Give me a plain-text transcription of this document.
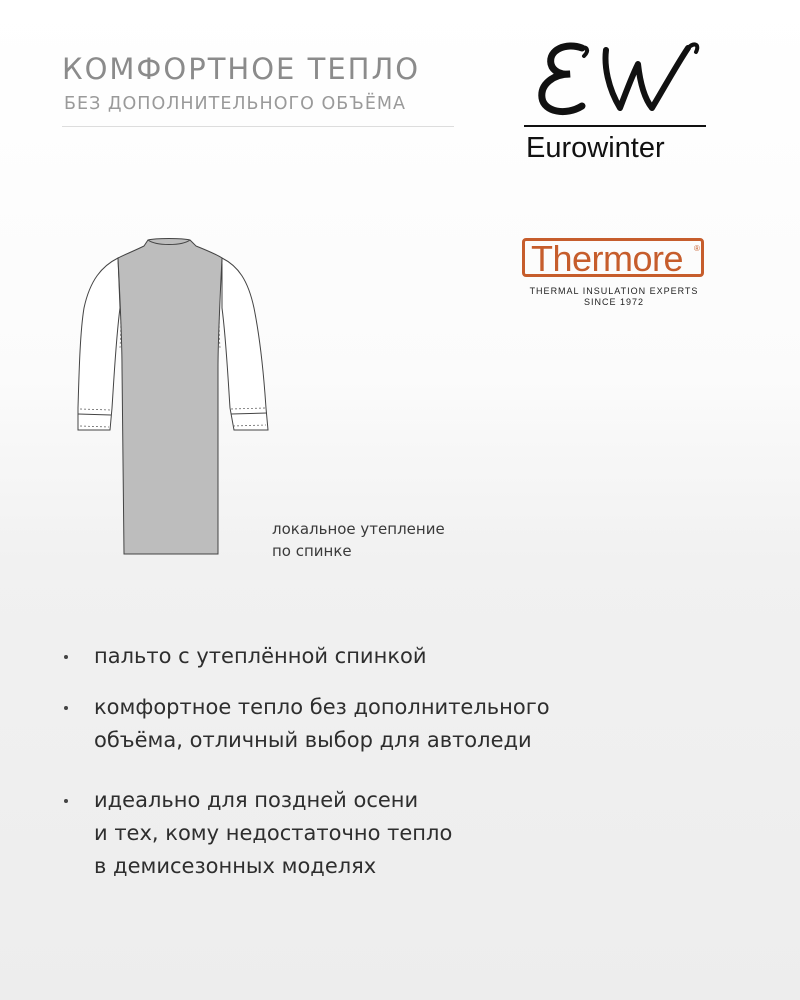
КОМФОРТНОЕ ТЕПЛО
БЕЗ ДОПОЛНИТЕЛЬНОГО ОБЪЁМА
Eurowinter
Thermore ®
THERMAL INSULATION EXPERTS
SINCE 1972
локальное утепление
по спинке
пальто с утеплённой спинкой
комфортное тепло без дополнительного
объёма, отличный выбор для автоледи
идеально для поздней осени
и тех, кому недостаточно тепло
в демисезонных моделях
